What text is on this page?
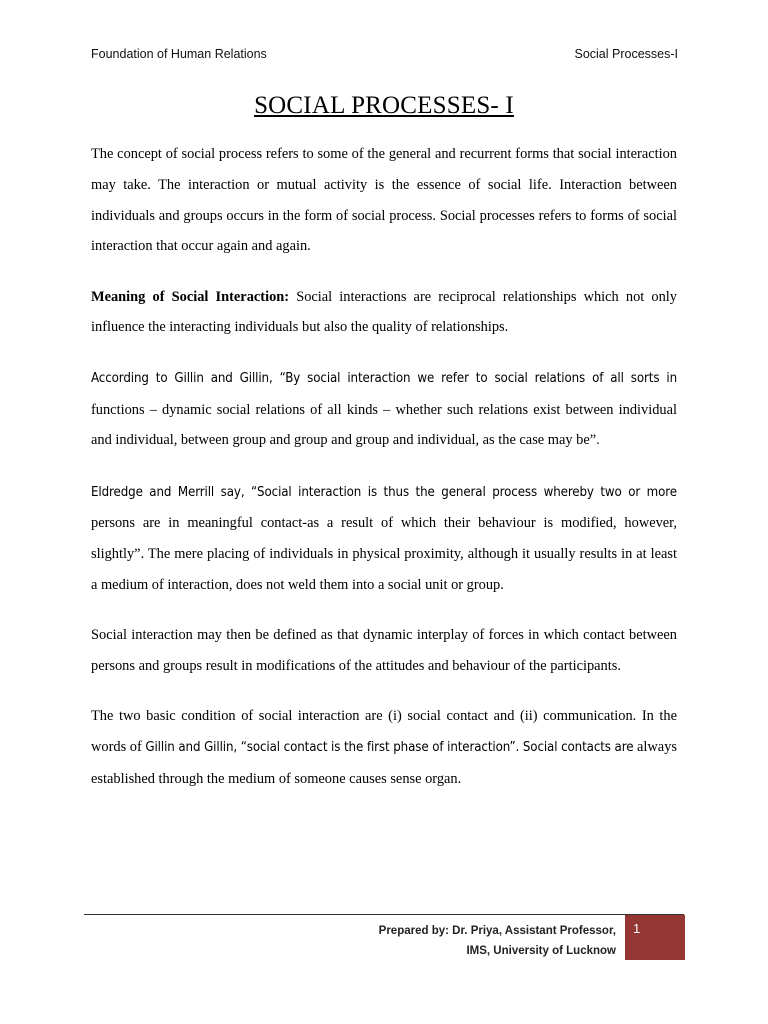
Foundation of Human Relations	Social Processes-I
SOCIAL PROCESSES- I

The concept of social process refers to some of the general and recurrent forms that social interaction may take. The interaction or mutual activity is the essence of social life. Interaction between individuals and groups occurs in the form of social process. Social processes refers to forms of social interaction that occur again and again.

Meaning of Social Interaction: Social interactions are reciprocal relationships which not only influence the interacting individuals but also the quality of relationships.

According to Gillin and Gillin, “By social interaction we refer to social relations of all sorts in functions – dynamic social relations of all kinds – whether such relations exist between individual and individual, between group and group and group and individual, as the case may be”.

Eldredge and Merrill say, “Social interaction is thus the general process whereby two or more persons are in meaningful contact-as a result of which their behaviour is modified, however, slightly”. The mere placing of individuals in physical proximity, although it usually results in at least a medium of interaction, does not weld them into a social unit or group.

Social interaction may then be defined as that dynamic interplay of forces in which contact between persons and groups result in modifications of the attitudes and behaviour of the participants.

The two basic condition of social interaction are (i) social contact and (ii) communication. In the words of Gillin and Gillin, “social contact is the first phase of interaction”. Social contacts are always established through the medium of someone causes sense organ.

Prepared by: Dr. Priya, Assistant Professor,
IMS, University of Lucknow
1
